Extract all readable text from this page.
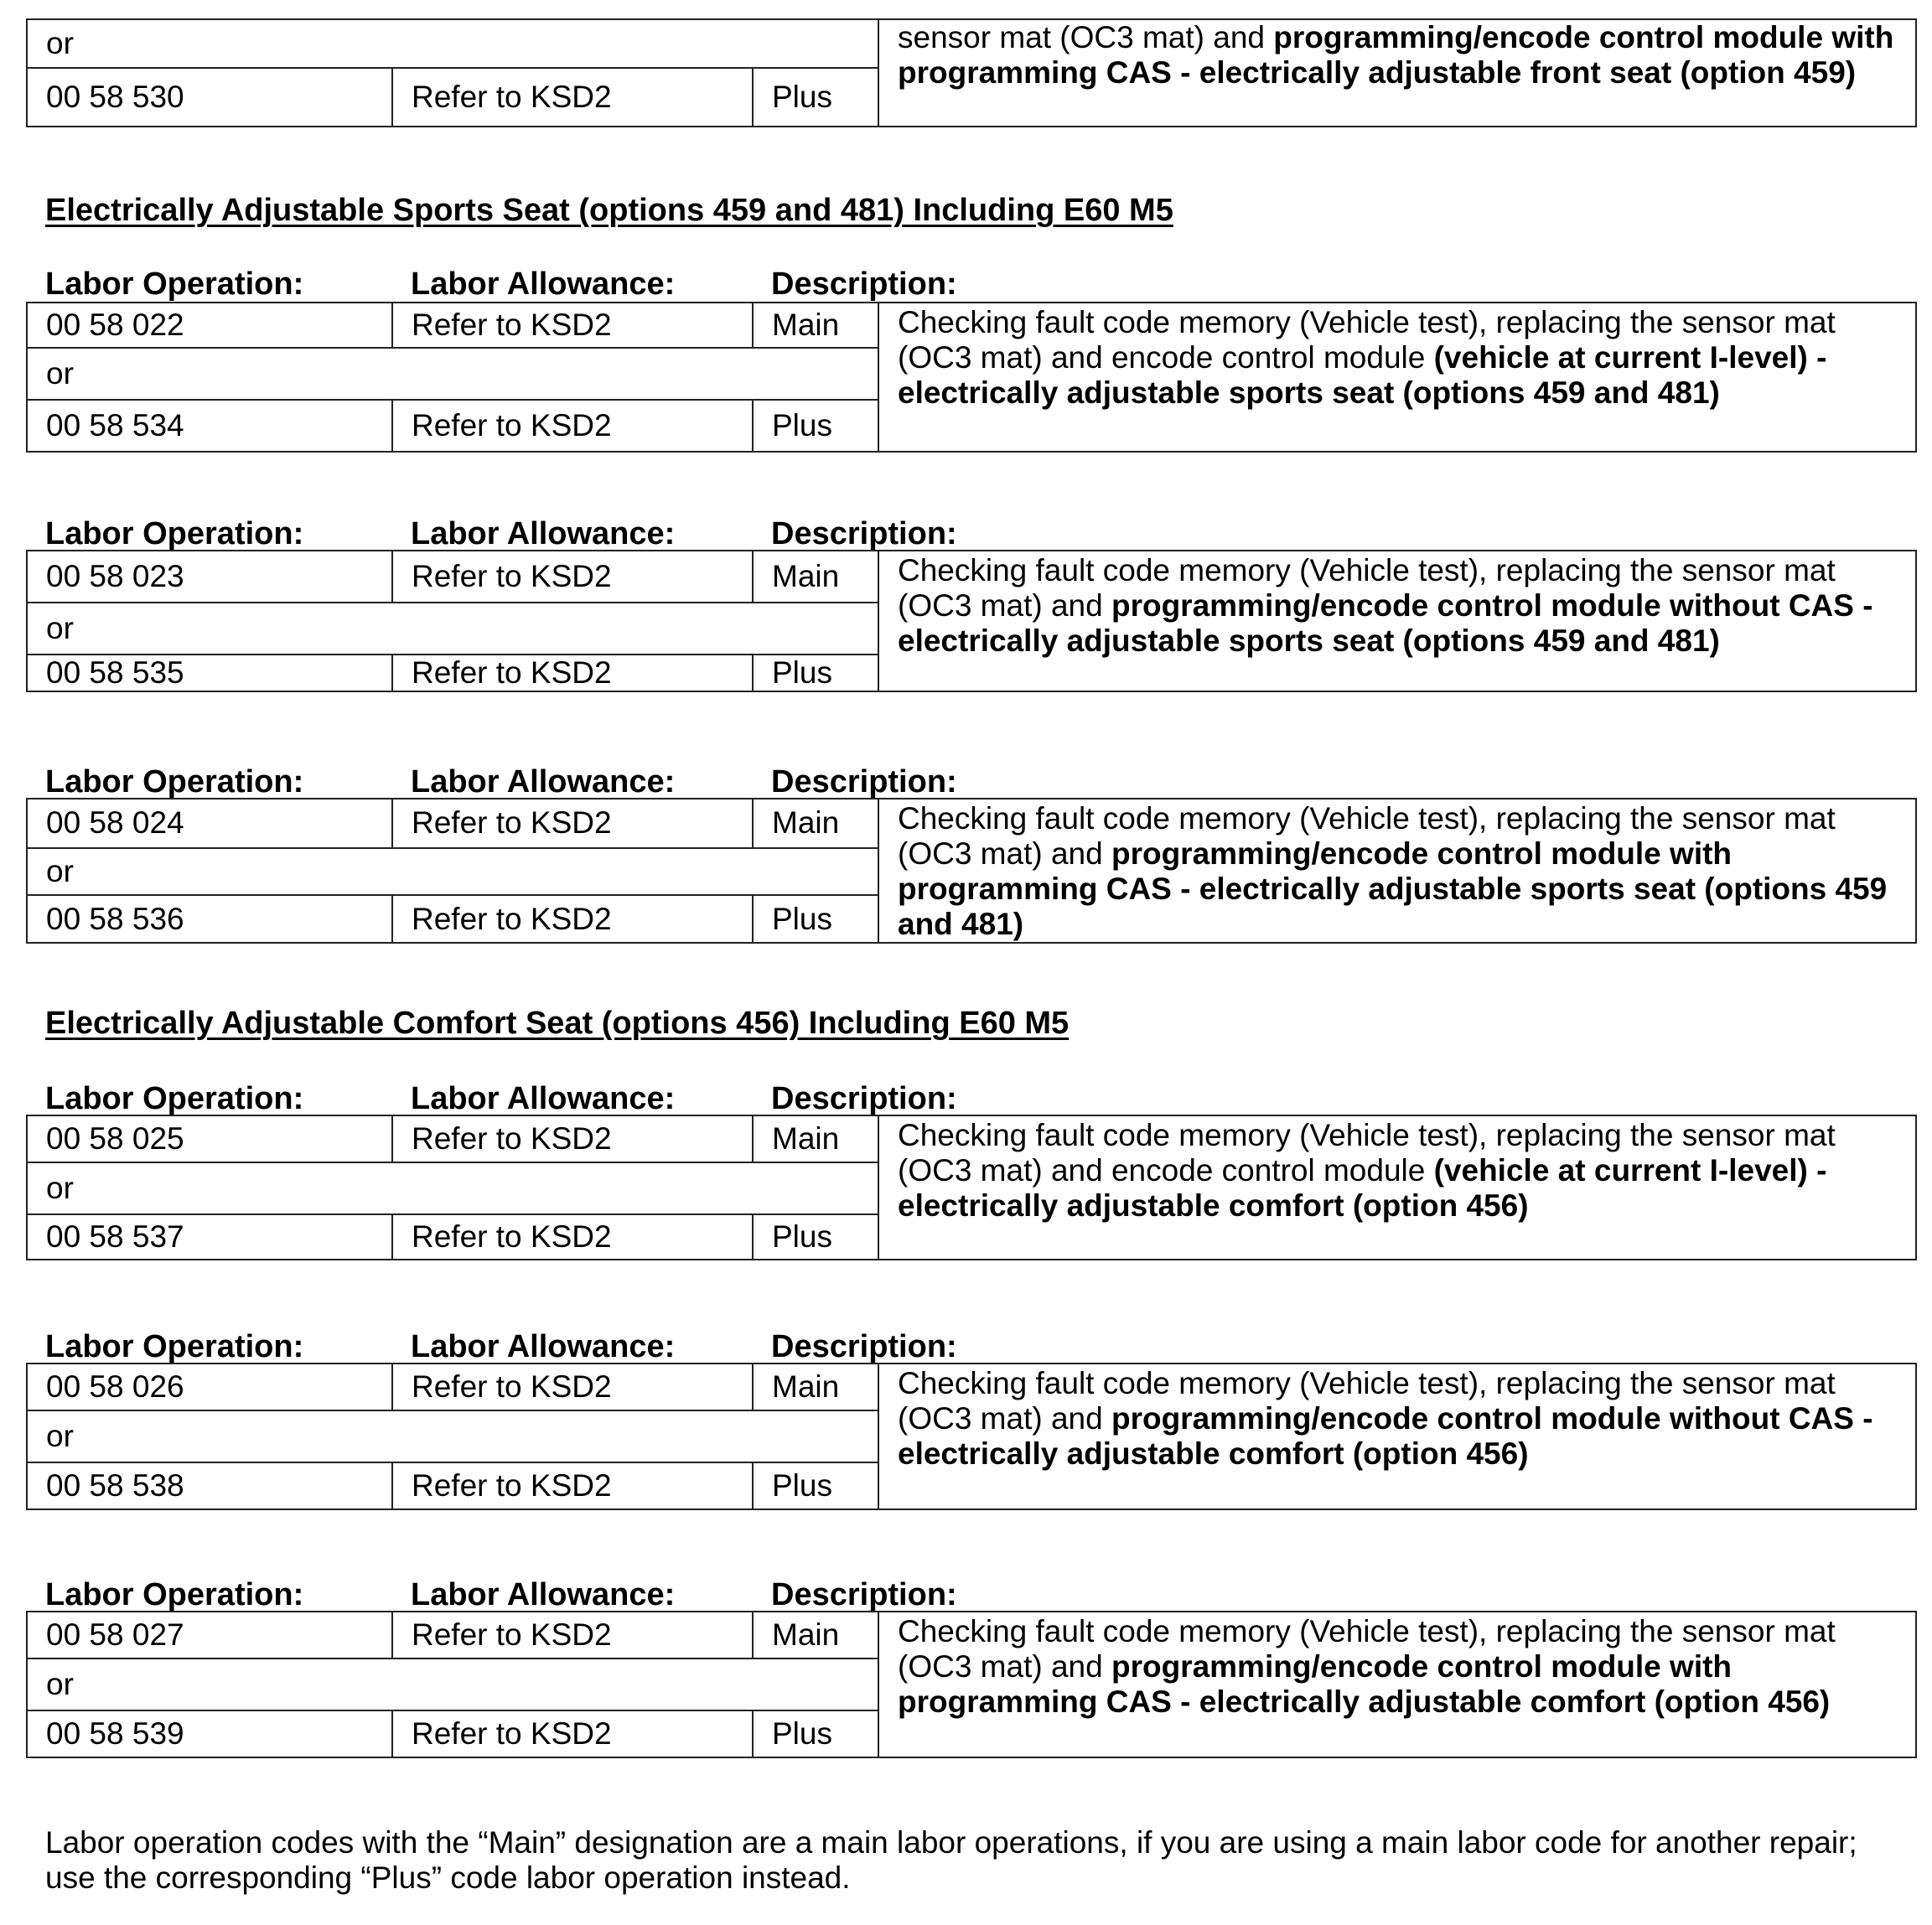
or			sensor mat (OC3 mat) and programming/encode control module with programming CAS - electrically adjustable front seat (option 459)
00 58 530	Refer to KSD2	Plus	
Electrically Adjustable Sports Seat (options 459 and 481) Including E60 M5
Labor Operation:	Labor Allowance:	Description:
00 58 022	Refer to KSD2	Main	Checking fault code memory (Vehicle test), replacing the sensor mat (OC3 mat) and encode control module (vehicle at current I-level) - electrically adjustable sports seat (options 459 and 481)
or			
00 58 534	Refer to KSD2	Plus	
Labor Operation:	Labor Allowance:	Description:
00 58 023	Refer to KSD2	Main	Checking fault code memory (Vehicle test), replacing the sensor mat (OC3 mat) and programming/encode control module without CAS - electrically adjustable sports seat (options 459 and 481)
or			
00 58 535	Refer to KSD2	Plus	
Labor Operation:	Labor Allowance:	Description:
00 58 024	Refer to KSD2	Main	Checking fault code memory (Vehicle test), replacing the sensor mat (OC3 mat) and programming/encode control module with programming CAS - electrically adjustable sports seat (options 459 and 481)
or			
00 58 536	Refer to KSD2	Plus	
Labor Operation:	Labor Allowance:	Description:
00 58 025	Refer to KSD2	Main	Checking fault code memory (Vehicle test), replacing the sensor mat (OC3 mat) and encode control module (vehicle at current I-level) - electrically adjustable comfort (option 456)
or			
00 58 537	Refer to KSD2	Plus	
Labor Operation:	Labor Allowance:	Description:
00 58 026	Refer to KSD2	Main	Checking fault code memory (Vehicle test), replacing the sensor mat (OC3 mat) and programming/encode control module without CAS - electrically adjustable comfort (option 456)
or			
00 58 538	Refer to KSD2	Plus	
Labor Operation:	Labor Allowance:	Description:
00 58 027	Refer to KSD2	Main	Checking fault code memory (Vehicle test), replacing the sensor mat (OC3 mat) and programming/encode control module with programming CAS - electrically adjustable comfort (option 456)
or			
00 58 539	Refer to KSD2	Plus	
Electrically Adjustable Comfort Seat (options 456) Including E60 M5
Labor operation codes with the “Main” designation are a main labor operations, if you are using a main labor code for another repair; use the corresponding “Plus” code labor operation instead.
